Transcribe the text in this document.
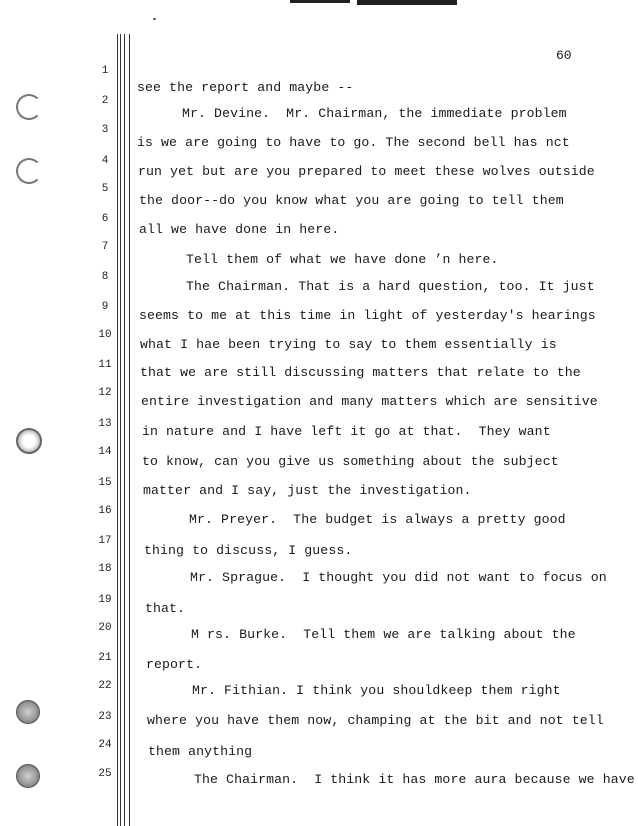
60
1
2
3
4
5
6
7
8
9
10
11
12
13
14
15
16
17
18
19
20
21
22
23
24
25
see the report and maybe --
Mr. Devine.  Mr. Chairman, the immediate problem
is we are going to have to go. The second bell has nct
run yet but are you prepared to meet these wolves outside
the door--do you know what you are going to tell them
all we have done in here.
Tell them of what we have done ’n here.
The Chairman. That is a hard question, too. It just
seems to me at this time in light of yesterday's hearings
what I hae been trying to say to them essentially is
that we are still discussing matters that relate to the
entire investigation and many matters which are sensitive
in nature and I have left it go at that.  They want
to know, can you give us something about the subject
matter and I say, just the investigation.
Mr. Preyer.  The budget is always a pretty good
thing to discuss, I guess.
Mr. Sprague.  I thought you did not want to focus on
that.
M rs. Burke.  Tell them we are talking about the
report.
Mr. Fithian. I think you shouldkeep them right
where you have them now, champing at the bit and not tell
them anything
The Chairman.  I think it has more aura because we have
